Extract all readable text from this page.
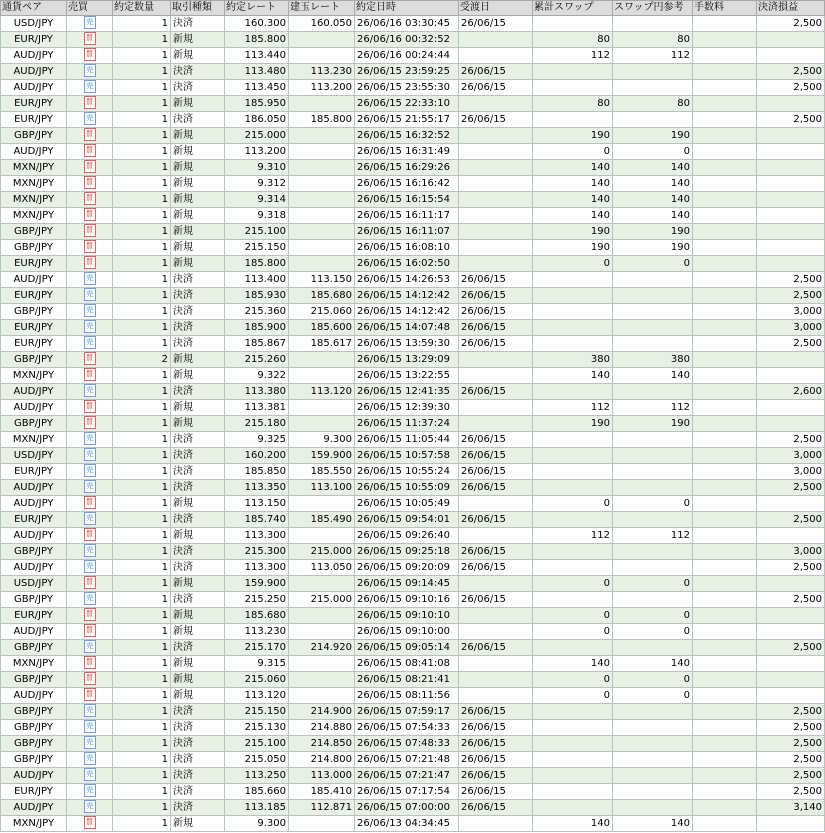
通貨ペア	売買	約定数量	取引種類	約定レート	建玉レート	約定日時	受渡日	累計スワップ	スワップ円参考	手数料	決済損益
USD/JPY	売	1	決済	160.300	160.050	26/06/16 03:30:45	26/06/15				2,500
EUR/JPY	買	1	新規	185.800		26/06/16 00:32:52		80	80		
AUD/JPY	買	1	新規	113.440		26/06/16 00:24:44		112	112		
AUD/JPY	売	1	決済	113.480	113.230	26/06/15 23:59:25	26/06/15				2,500
AUD/JPY	売	1	決済	113.450	113.200	26/06/15 23:55:30	26/06/15				2,500
EUR/JPY	買	1	新規	185.950		26/06/15 22:33:10		80	80		
EUR/JPY	売	1	決済	186.050	185.800	26/06/15 21:55:17	26/06/15				2,500
GBP/JPY	買	1	新規	215.000		26/06/15 16:32:52		190	190		
AUD/JPY	買	1	新規	113.200		26/06/15 16:31:49		0	0		
MXN/JPY	買	1	新規	9.310		26/06/15 16:29:26		140	140		
MXN/JPY	買	1	新規	9.312		26/06/15 16:16:42		140	140		
MXN/JPY	買	1	新規	9.314		26/06/15 16:15:54		140	140		
MXN/JPY	買	1	新規	9.318		26/06/15 16:11:17		140	140		
GBP/JPY	買	1	新規	215.100		26/06/15 16:11:07		190	190		
GBP/JPY	買	1	新規	215.150		26/06/15 16:08:10		190	190		
EUR/JPY	買	1	新規	185.800		26/06/15 16:02:50		0	0		
AUD/JPY	売	1	決済	113.400	113.150	26/06/15 14:26:53	26/06/15				2,500
EUR/JPY	売	1	決済	185.930	185.680	26/06/15 14:12:42	26/06/15				2,500
GBP/JPY	売	1	決済	215.360	215.060	26/06/15 14:12:42	26/06/15				3,000
EUR/JPY	売	1	決済	185.900	185.600	26/06/15 14:07:48	26/06/15				3,000
EUR/JPY	売	1	決済	185.867	185.617	26/06/15 13:59:30	26/06/15				2,500
GBP/JPY	買	2	新規	215.260		26/06/15 13:29:09		380	380		
MXN/JPY	買	1	新規	9.322		26/06/15 13:22:55		140	140		
AUD/JPY	売	1	決済	113.380	113.120	26/06/15 12:41:35	26/06/15				2,600
AUD/JPY	買	1	新規	113.381		26/06/15 12:39:30		112	112		
GBP/JPY	買	1	新規	215.180		26/06/15 11:37:24		190	190		
MXN/JPY	売	1	決済	9.325	9.300	26/06/15 11:05:44	26/06/15				2,500
USD/JPY	売	1	決済	160.200	159.900	26/06/15 10:57:58	26/06/15				3,000
EUR/JPY	売	1	決済	185.850	185.550	26/06/15 10:55:24	26/06/15				3,000
AUD/JPY	売	1	決済	113.350	113.100	26/06/15 10:55:09	26/06/15				2,500
AUD/JPY	買	1	新規	113.150		26/06/15 10:05:49		0	0		
EUR/JPY	売	1	決済	185.740	185.490	26/06/15 09:54:01	26/06/15				2,500
AUD/JPY	買	1	新規	113.300		26/06/15 09:26:40		112	112		
GBP/JPY	売	1	決済	215.300	215.000	26/06/15 09:25:18	26/06/15				3,000
AUD/JPY	売	1	決済	113.300	113.050	26/06/15 09:20:09	26/06/15				2,500
USD/JPY	買	1	新規	159.900		26/06/15 09:14:45		0	0		
GBP/JPY	売	1	決済	215.250	215.000	26/06/15 09:10:16	26/06/15				2,500
EUR/JPY	買	1	新規	185.680		26/06/15 09:10:10		0	0		
AUD/JPY	買	1	新規	113.230		26/06/15 09:10:00		0	0		
GBP/JPY	売	1	決済	215.170	214.920	26/06/15 09:05:14	26/06/15				2,500
MXN/JPY	買	1	新規	9.315		26/06/15 08:41:08		140	140		
GBP/JPY	買	1	新規	215.060		26/06/15 08:21:41		0	0		
AUD/JPY	買	1	新規	113.120		26/06/15 08:11:56		0	0		
GBP/JPY	売	1	決済	215.150	214.900	26/06/15 07:59:17	26/06/15				2,500
GBP/JPY	売	1	決済	215.130	214.880	26/06/15 07:54:33	26/06/15				2,500
GBP/JPY	売	1	決済	215.100	214.850	26/06/15 07:48:33	26/06/15				2,500
GBP/JPY	売	1	決済	215.050	214.800	26/06/15 07:21:48	26/06/15				2,500
AUD/JPY	売	1	決済	113.250	113.000	26/06/15 07:21:47	26/06/15				2,500
EUR/JPY	売	1	決済	185.660	185.410	26/06/15 07:17:54	26/06/15				2,500
AUD/JPY	売	1	決済	113.185	112.871	26/06/15 07:00:00	26/06/15				3,140
MXN/JPY	買	1	新規	9.300		26/06/13 04:34:45		140	140		
